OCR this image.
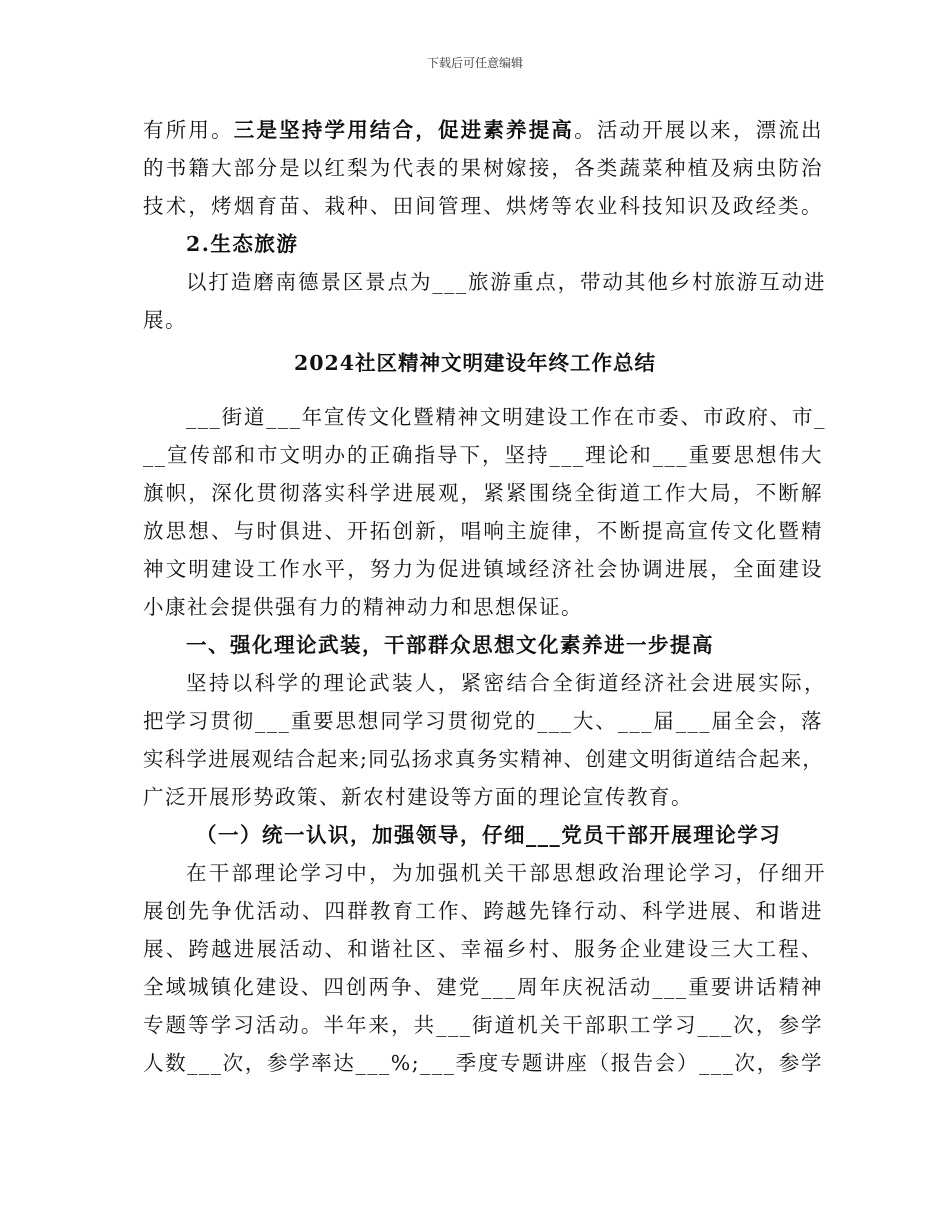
下载后可任意编辑
有所用。三是坚持学用结合，促进素养提高。活动开展以来，漂流出
的书籍大部分是以红梨为代表的果树嫁接，各类蔬菜种植及病虫防治
技术，烤烟育苗、栽种、田间管理、烘烤等农业科技知识及政经类。
2.生态旅游
以打造磨南德景区景点为___旅游重点，带动其他乡村旅游互动进
展。
2024社区精神文明建设年终工作总结
___街道___年宣传文化暨精神文明建设工作在市委、市政府、市_
__宣传部和市文明办的正确指导下，坚持___理论和___重要思想伟大
旗帜，深化贯彻落实科学进展观，紧紧围绕全街道工作大局，不断解
放思想、与时俱进、开拓创新，唱响主旋律，不断提高宣传文化暨精
神文明建设工作水平，努力为促进镇域经济社会协调进展，全面建设
小康社会提供强有力的精神动力和思想保证。
一、强化理论武装，干部群众思想文化素养进一步提高
坚持以科学的理论武装人，紧密结合全街道经济社会进展实际，
把学习贯彻___重要思想同学习贯彻党的___大、___届___届全会，落
实科学进展观结合起来;同弘扬求真务实精神、创建文明街道结合起来，
广泛开展形势政策、新农村建设等方面的理论宣传教育。
（一）统一认识，加强领导，仔细___党员干部开展理论学习
在干部理论学习中，为加强机关干部思想政治理论学习，仔细开
展创先争优活动、四群教育工作、跨越先锋行动、科学进展、和谐进
展、跨越进展活动、和谐社区、幸福乡村、服务企业建设三大工程、
全域城镇化建设、四创两争、建党___周年庆祝活动___重要讲话精神
专题等学习活动。半年来，共___街道机关干部职工学习___次，参学
人数___次，参学率达___%;___季度专题讲座（报告会）___次，参学
